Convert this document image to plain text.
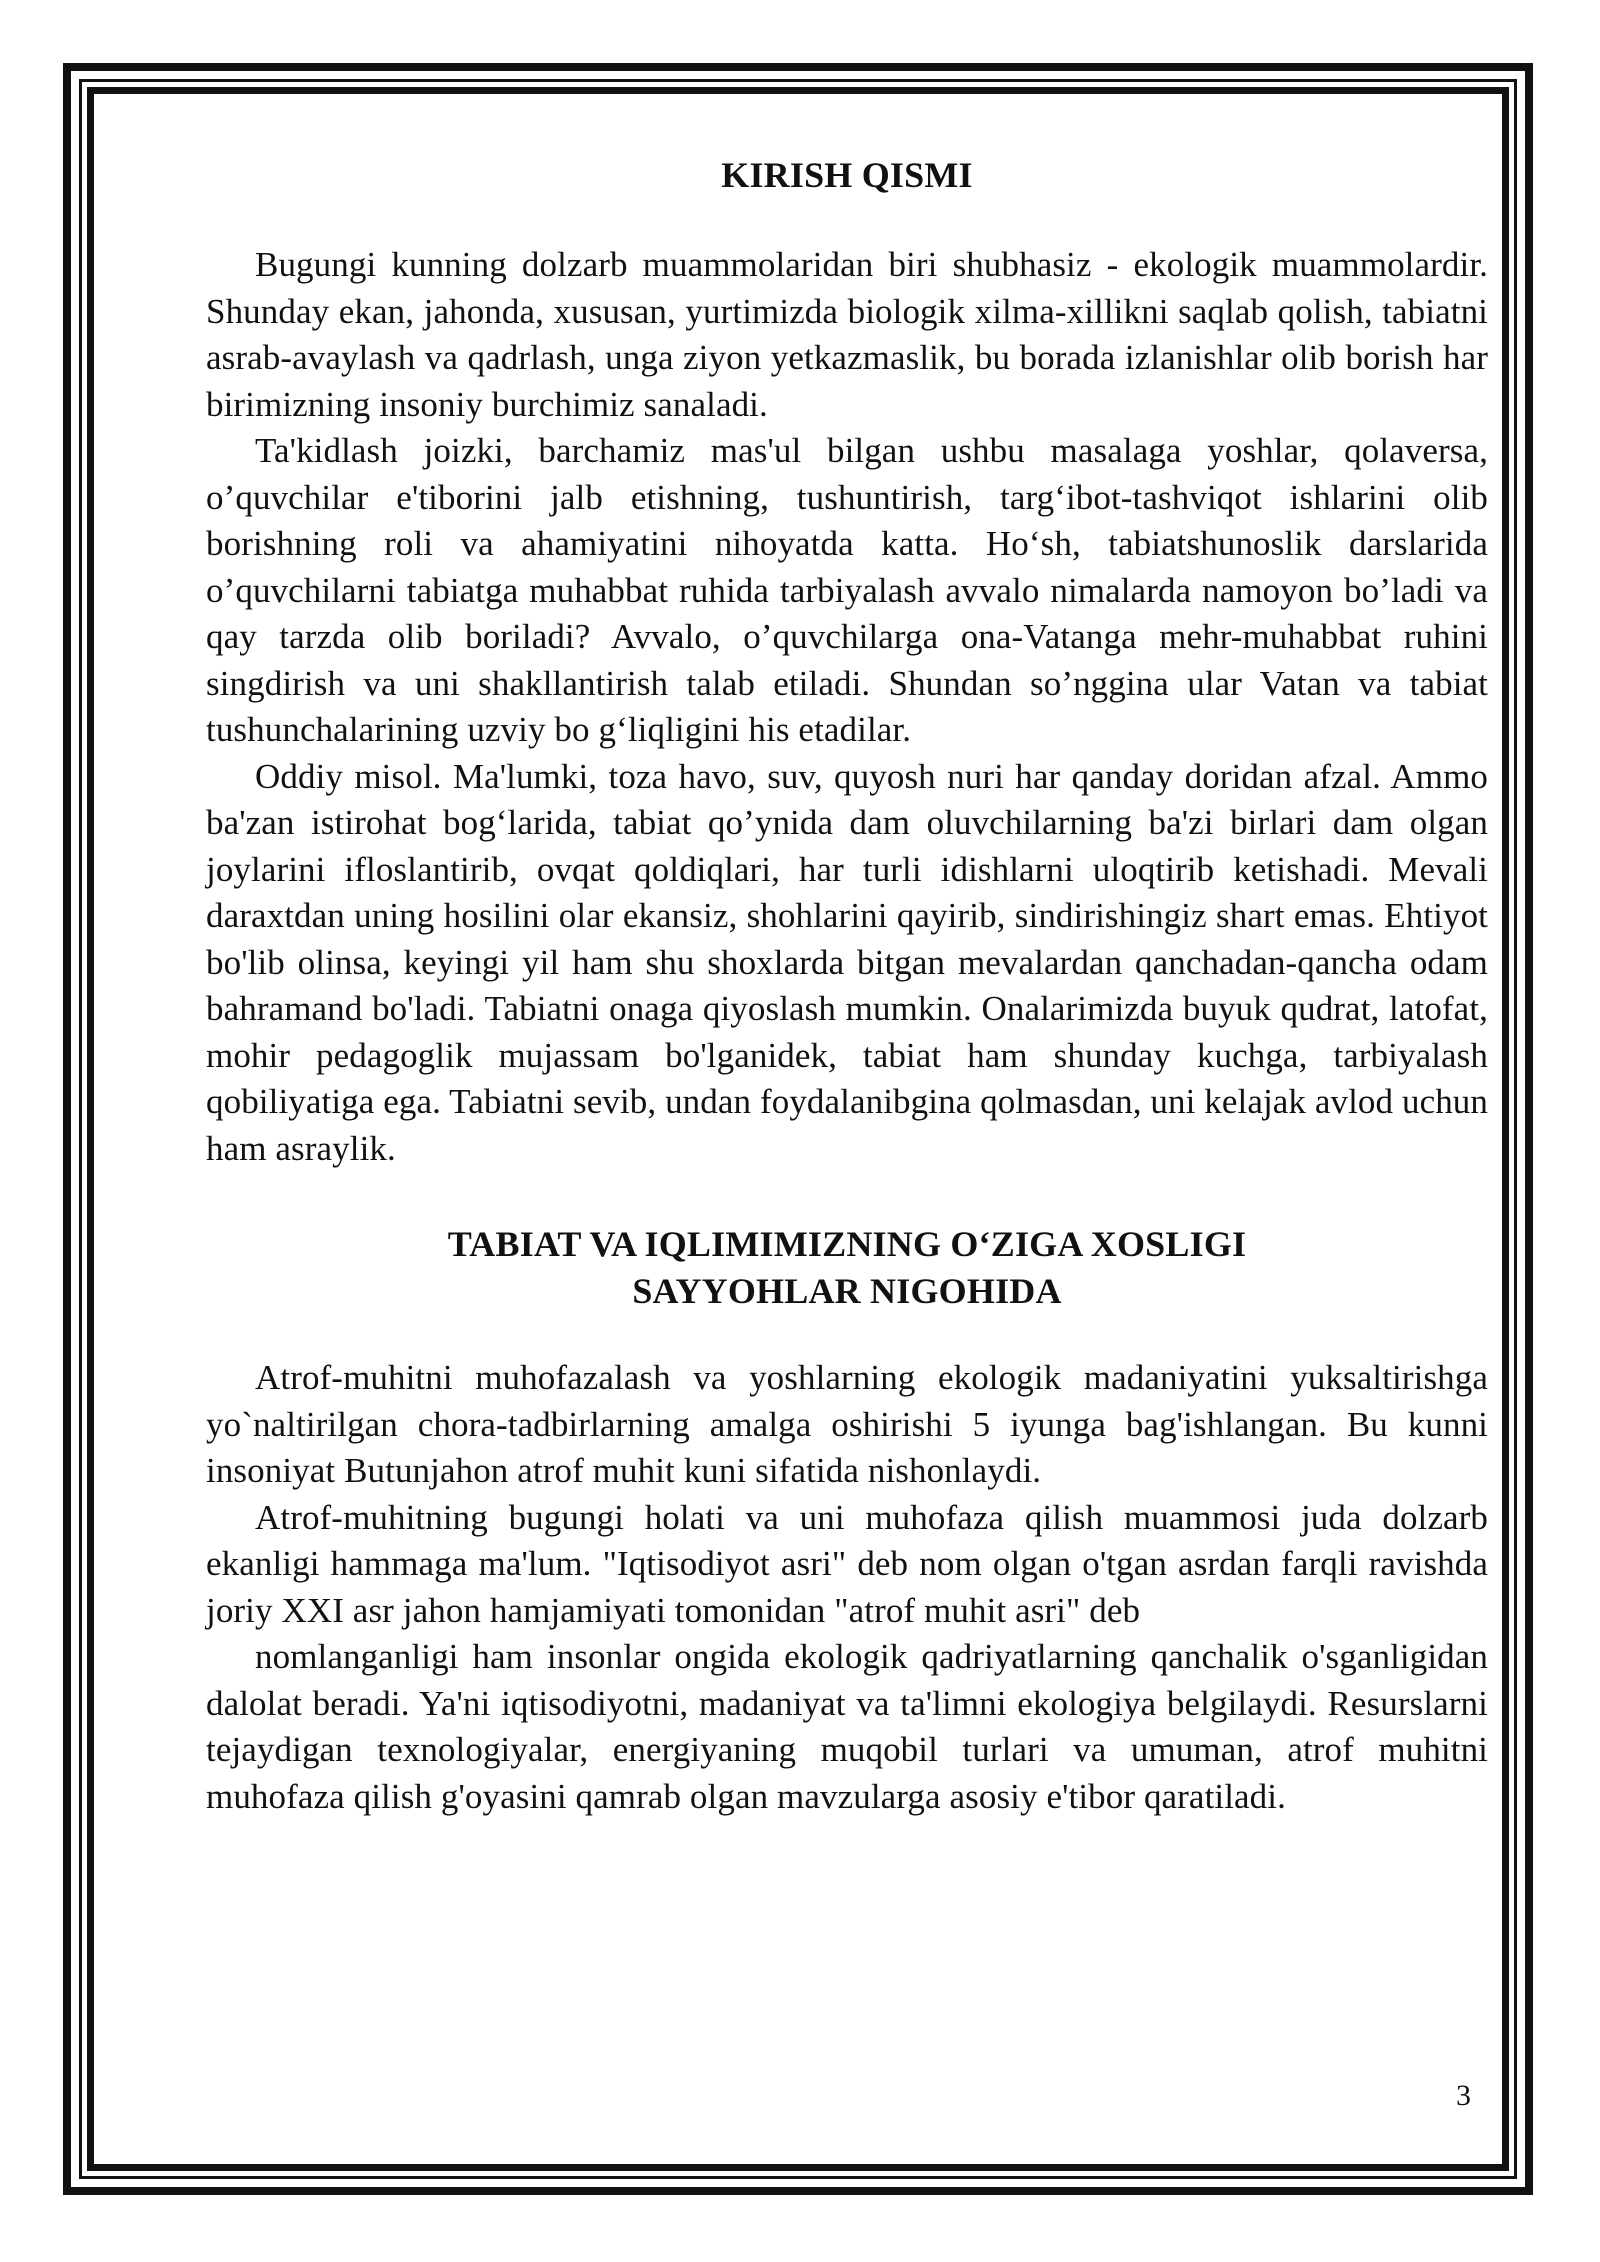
KIRISH QISMI

Bugungi kunning dolzarb muammolaridan biri shubhasiz - ekologik muammolardir. Shunday ekan, jahonda, xususan, yurtimizda biologik xilma-xillikni saqlab qolish, tabiatni asrab-avaylash va qadrlash, unga ziyon yetkazmaslik, bu borada izlanishlar olib borish har birimizning insoniy burchimiz sanaladi.

Ta'kidlash joizki, barchamiz mas'ul bilgan ushbu masalaga yoshlar, qolaversa, o’quvchilar e'tiborini jalb etishning, tushuntirish, targ‘ibot-tashviqot ishlarini olib borishning roli va ahamiyatini nihoyatda katta. Ho‘sh, tabiatshunoslik darslarida o’quvchilarni tabiatga muhabbat ruhida tarbiyalash avvalo nimalarda namoyon bo’ladi va qay tarzda olib boriladi? Avvalo, o’quvchilarga ona-Vatanga mehr-muhabbat ruhini singdirish va uni shakllantirish talab etiladi. Shundan so’nggina ular Vatan va tabiat tushunchalarining uzviy bo g‘liqligini his etadilar.

Oddiy misol. Ma'lumki, toza havo, suv, quyosh nuri har qanday doridan afzal. Ammo ba'zan istirohat bog‘larida, tabiat qo’ynida dam oluvchilarning ba'zi birlari dam olgan joylarini ifloslantirib, ovqat qoldiqlari, har turli idishlarni uloqtirib ketishadi. Mevali daraxtdan uning hosilini olar ekansiz, shohlarini qayirib, sindirishingiz shart emas. Ehtiyot bo'lib olinsa, keyingi yil ham shu shoxlarda bitgan mevalardan qanchadan-qancha odam bahramand bo'ladi. Tabiatni onaga qiyoslash mumkin. Onalarimizda buyuk qudrat, latofat, mohir pedagoglik mujassam bo'lganidek, tabiat ham shunday kuchga, tarbiyalash qobiliyatiga ega. Tabiatni sevib, undan foydalanibgina qolmasdan, uni kelajak avlod uchun ham asraylik.

TABIAT VA IQLIMIMIZNING O‘ZIGA XOSLIGI
SAYYOHLAR NIGOHIDA

Atrof-muhitni muhofazalash va yoshlarning ekologik madaniyatini yuksaltirishga yo`naltirilgan chora-tadbirlarning amalga oshirishi 5 iyunga bag'ishlangan. Bu kunni insoniyat Butunjahon atrof muhit kuni sifatida nishonlaydi.

Atrof-muhitning bugungi holati va uni muhofaza qilish muammosi juda dolzarb ekanligi hammaga ma'lum. "Iqtisodiyot asri" deb nom olgan o'tgan asrdan farqli ravishda joriy XXI asr jahon hamjamiyati tomonidan "atrof muhit asri" deb

nomlanganligi ham insonlar ongida ekologik qadriyatlarning qanchalik o'sganligidan dalolat beradi. Ya'ni iqtisodiyotni, madaniyat va ta'limni ekologiya belgilaydi. Resurslarni tejaydigan texnologiyalar, energiyaning muqobil turlari va umuman, atrof muhitni muhofaza qilish g'oyasini qamrab olgan mavzularga asosiy e'tibor qaratiladi.

3
